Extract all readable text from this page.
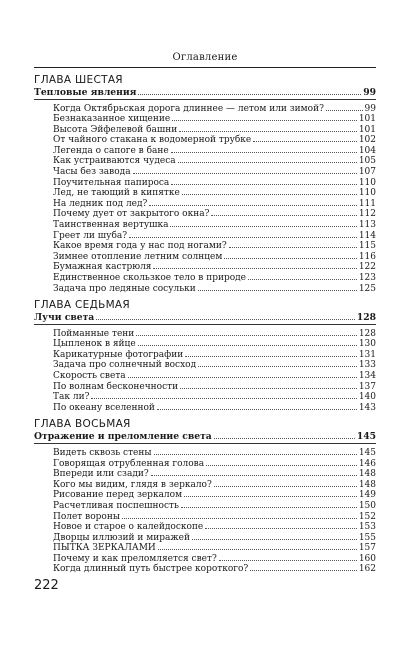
Оглавление
ГЛАВА ШЕСТАЯ
Тепловые явления	99
Когда Октябрьская дорога длиннее — летом или зимой?	99
Безнаказанное хищение	101
Высота Эйфелевой башни	101
От чайного стакана к водомерной трубке	102
Легенда о сапоге в бане	104
Как устраиваются чудеса	105
Часы без завода	107
Поучительная папироса	110
Лед, не тающий в кипятке	110
На ледник под лед?	111
Почему дует от закрытого окна?	112
Таинственная вертушка	113
Греет ли шуба?	114
Какое время года у нас под ногами?	115
Зимнее отопление летним солнцем	116
Бумажная кастрюля	122
Единственное скользкое тело в природе	123
Задача про ледяные сосульки	125
ГЛАВА СЕДЬМАЯ
Лучи света	128
Пойманные тени	128
Цыпленок в яйце	130
Карикатурные фотографии	131
Задача про солнечный восход	133
Скорость света	134
По волнам бесконечности	137
Так ли?	140
По океану вселенной	143
ГЛАВА ВОСЬМАЯ
Отражение и преломление света	145
Видеть сквозь стены	145
Говорящая отрубленная голова	146
Впереди или сзади?	148
Кого мы видим, глядя в зеркало?	148
Рисование перед зеркалом	149
Расчетливая поспешность	150
Полет вороны	152
Новое и старое о калейдоскопе	153
Дворцы иллюзий и миражей	155
ПЫТКА ЗЕРКАЛАМИ	157
Почему и как преломляется свет?	160
Когда длинный путь быстрее короткого?	162
222
